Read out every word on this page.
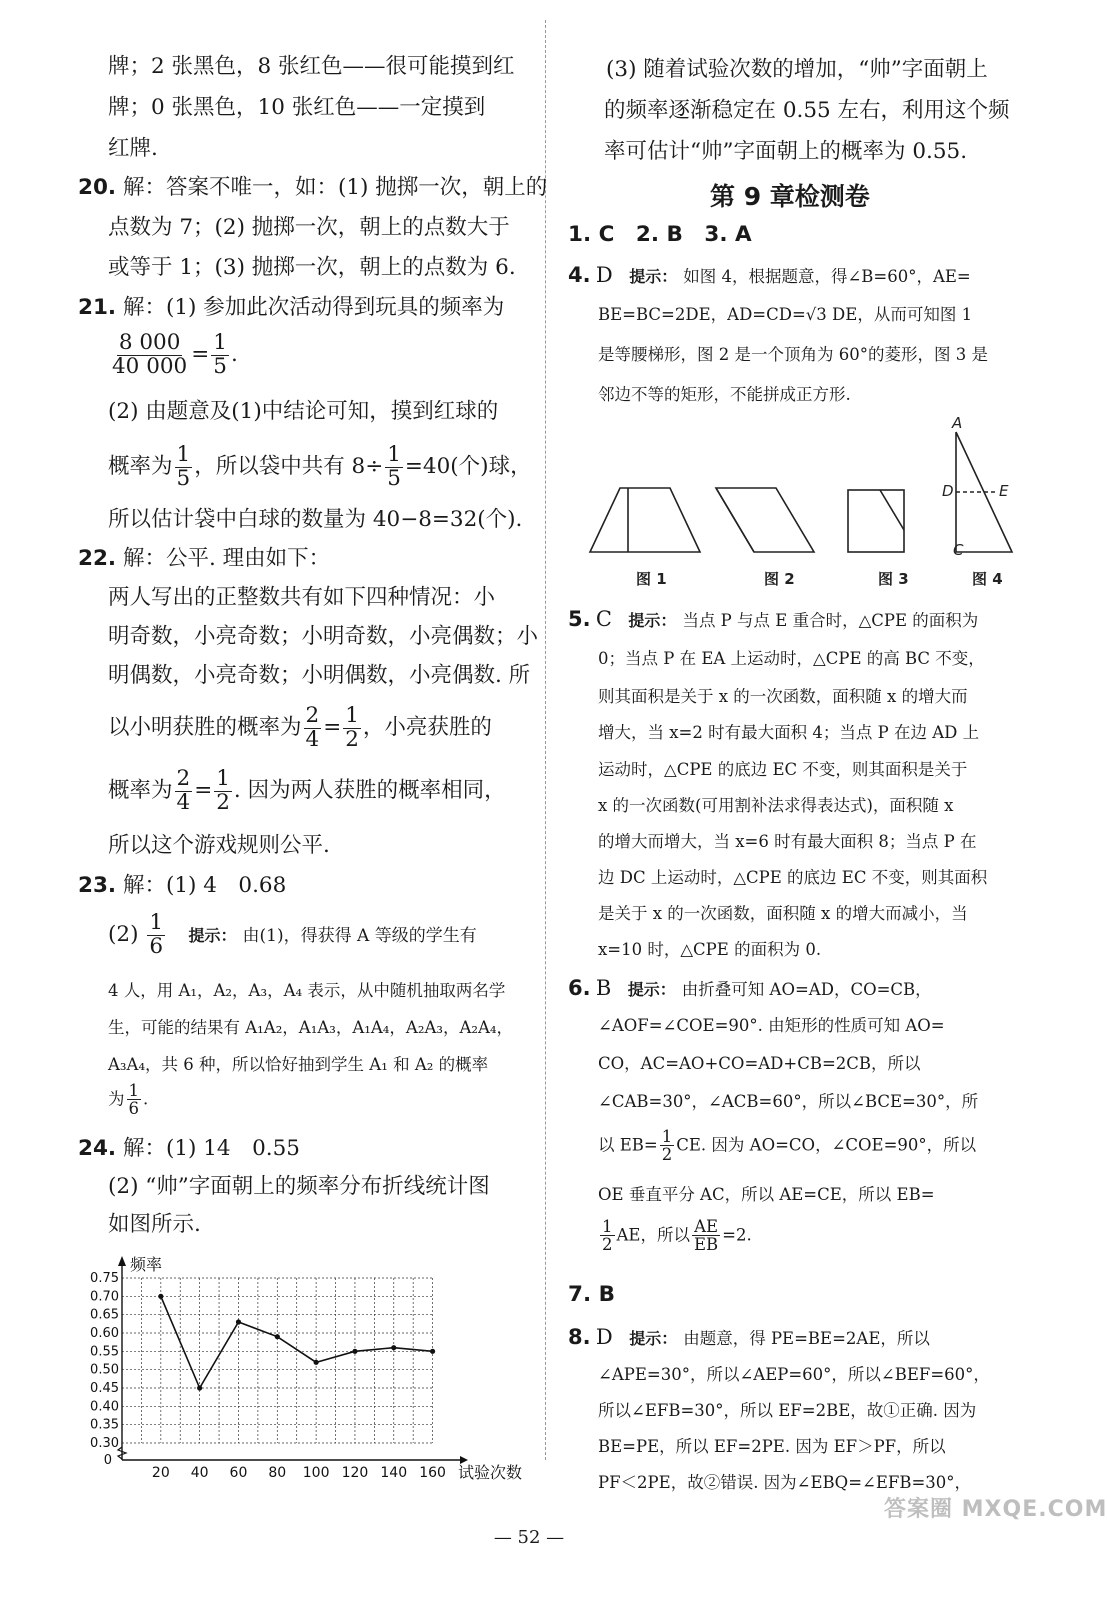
牌；2 张黑色，8 张红色——很可能摸到红
牌；0 张黑色，10 张红色——一定摸到
红牌.
20. 解：答案不唯一，如：(1) 抛掷一次，朝上的
点数为 7；(2) 抛掷一次，朝上的点数大于
或等于 1；(3) 抛掷一次，朝上的点数为 6.
21. 解：(1) 参加此次活动得到玩具的频率为
$\frac{8 000}{40 000} = \frac{1}{5}$ .
(2) 由题意及(1)中结论可知，摸到红球的
概率为 $\frac{1}{5}$ ，所以袋中共有 $8\div \frac{1}{5} =40$(个)球，
所以估计袋中白球的数量为 40−8=32(个).
22. 解：公平. 理由如下：
两人写出的正整数共有如下四种情况：小
明奇数，小亮奇数；小明奇数，小亮偶数；小
明偶数，小亮奇数；小明偶数，小亮偶数. 所
以小明获胜的概率为 $\frac{2}{4} = \frac{1}{2}$ ，小亮获胜的
概率为 $\frac{2}{4} = \frac{1}{2}$ . 因为两人获胜的概率相同，
所以这个游戏规则公平.
23. 解：(1) 4　0.68
$(2) \frac{1}{6}$
　 提示： 由(1)，得获得 A 等级的学生有
4 人，用 A₁，A₂，A₃，A₄ 表示，从中随机抽取两名学
生，可能的结果有 A₁A₂，A₁A₃，A₁A₄，A₂A₃，A₂A₄，
A₃A₄，共 6 种，所以恰好抽到学生 A₁ 和 A₂ 的概率
为 $\frac{1}{6}$ .
24. 解：(1) 14　0.55
(2) “帅”字面朝上的频率分布折线统计图
如图所示.
0.75
0.70
0.65
0.60
0.55
0.50
0.45
0.40
0.35
0.30
0
20 40 60 80 100 120 140 160
频率
试验次数
(3) 随着试验次数的增加，“帅”字面朝上
的频率逐渐稳定在 0.55 左右，利用这个频
率可估计“帅”字面朝上的概率为 0.55.
第 9 章检测卷
1. C　2. B　3. A
4. D　 提示： 如图 4，根据题意，得∠B=60°，AE=
BE=BC=2DE，AD=CD=√3 DE，从而可知图 1
是等腰梯形，图 2 是一个顶角为 60°的菱形，图 3 是
邻边不等的矩形，不能拼成正方形.
A
D	E
C
图 1	图 2	图 3	图 4
5. C　 提示： 当点 P 与点 E 重合时，△CPE 的面积为
0；当点 P 在 EA 上运动时，△CPE 的高 BC 不变，
则其面积是关于 x 的一次函数，面积随 x 的增大而
增大，当 x=2 时有最大面积 4；当点 P 在边 AD 上
运动时，△CPE 的底边 EC 不变，则其面积是关于
x 的一次函数(可用割补法求得表达式)，面积随 x
的增大而增大，当 x=6 时有最大面积 8；当点 P 在
边 DC 上运动时，△CPE 的底边 EC 不变，则其面积
是关于 x 的一次函数，面积随 x 的增大而减小，当
x=10 时，△CPE 的面积为 0.
6. B　 提示： 由折叠可知 AO=AD，CO=CB，
∠AOF=∠COE=90°. 由矩形的性质可知 AO=
CO，AC=AO+CO=AD+CB=2CB，所以
∠CAB=30°，∠ACB=60°，所以∠BCE=30°，所
以 $EB= \frac{1}{2}$ CE. 因为 AO=CO，∠COE=90°，所以
OE 垂直平分 AC，所以 AE=CE，所以 EB=
$\frac{1}{2}$ AE，所以 $\frac{AE}{EB} =2$.
7. B
8. D　 提示： 由题意，得 PE=BE=2AE，所以
∠APE=30°，所以∠AEP=60°，所以∠BEF=60°，
所以∠EFB=30°，所以 EF=2BE，故①正确. 因为
BE=PE，所以 EF=2PE. 因为 EF＞PF，所以
PF＜2PE，故②错误. 因为∠EBQ=∠EFB=30°，
— 52 —
答案圈 MXQE.COM
